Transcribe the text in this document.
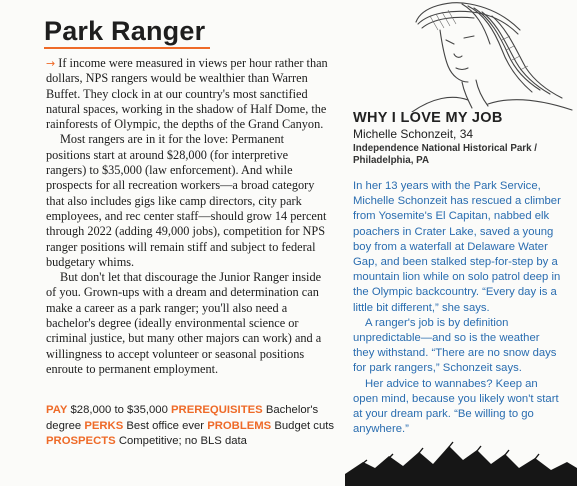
Park Ranger

→ If income were measured in views per hour rather than dollars, NPS rangers would be wealthier than Warren Buffet. They clock in at our country's most sanctified natural spaces, working in the shadow of Half Dome, the rainforests of Olympic, the depths of the Grand Canyon.

Most rangers are in it for the love: Permanent positions start at around $28,000 (for interpretive rangers) to $35,000 (law enforcement). And while prospects for all recreation workers—a broad category that also includes gigs like camp directors, city park employees, and rec center staff—should grow 14 percent through 2022 (adding 49,000 jobs), competition for NPS ranger positions will remain stiff and subject to federal budgetary whims.

But don't let that discourage the Junior Ranger inside of you. Grown-ups with a dream and determination can make a career as a park ranger; you'll also need a bachelor's degree (ideally environmental science or criminal justice, but many other majors can work) and a willingness to accept volunteer or seasonal positions enroute to permanent employment.

PAY $28,000 to $35,000 PREREQUISITES Bachelor's degree PERKS Best office ever PROBLEMS Budget cuts PROSPECTS Competitive; no BLS data
WHY I LOVE MY JOB
Michelle Schonzeit, 34
Independence National Historical Park / Philadelphia, PA

In her 13 years with the Park Service, Michelle Schonzeit has rescued a climber from Yosemite's El Capitan, nabbed elk poachers in Crater Lake, saved a young boy from a waterfall at Delaware Water Gap, and been stalked step-for-step by a mountain lion while on solo patrol deep in the Olympic backcountry. “Every day is a little bit different,” she says.

A ranger's job is by definition unpredictable—and so is the weather they withstand. “There are no snow days for park rangers,” Schonzeit says.

Her advice to wannabes? Keep an open mind, because you likely won't start at your dream park. “Be willing to go anywhere.”
